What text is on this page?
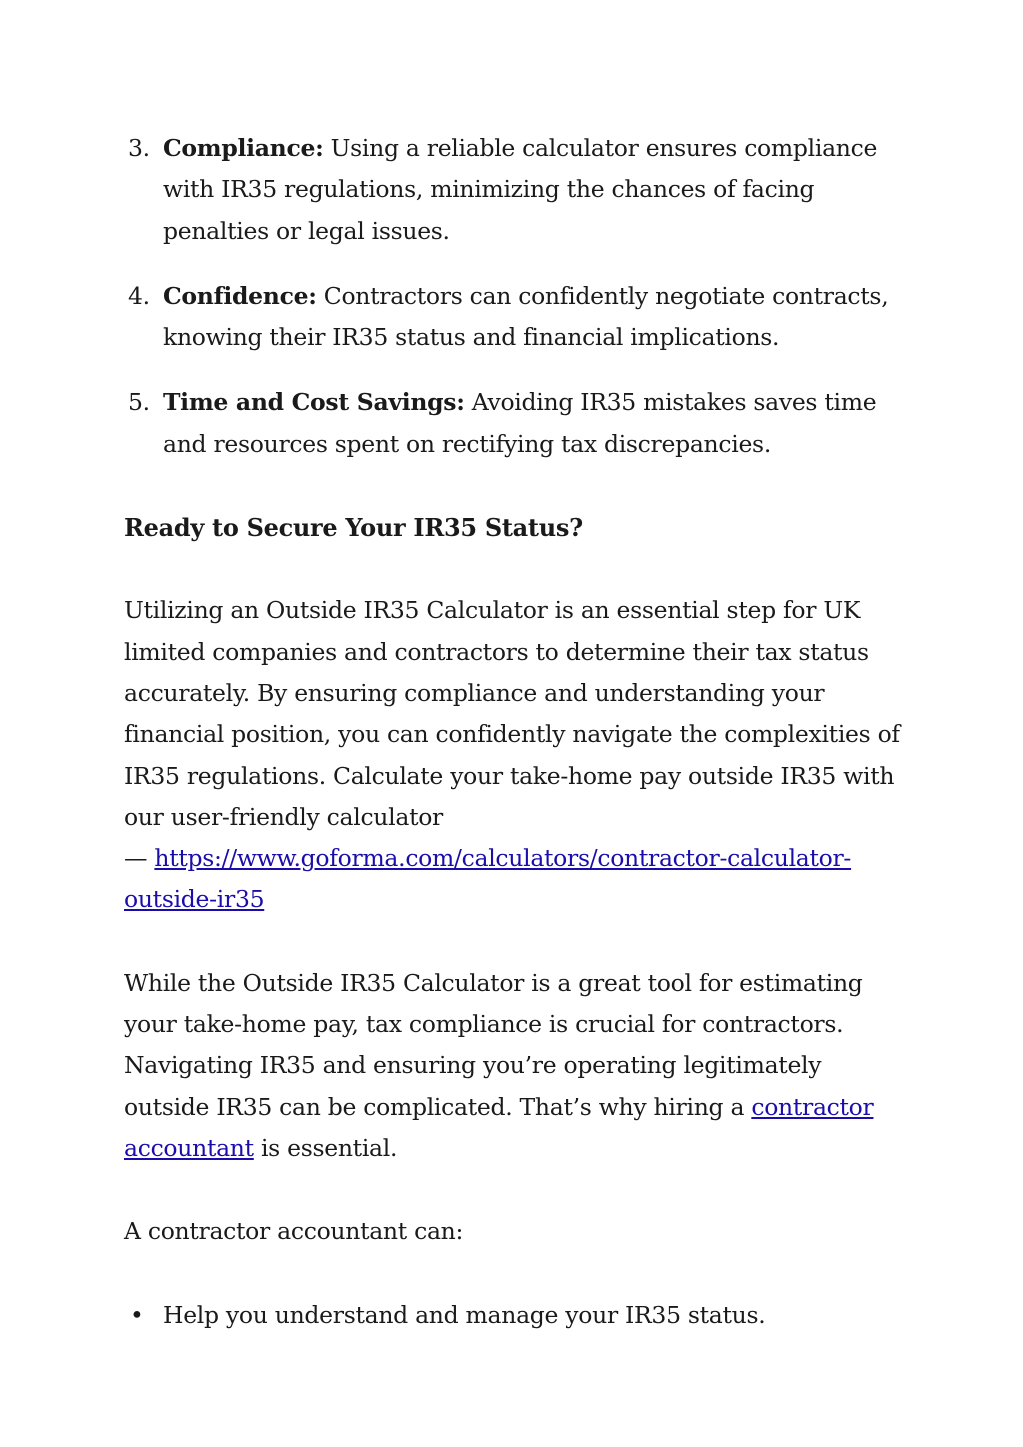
3. Compliance: Using a reliable calculator ensures compliance with IR35 regulations, minimizing the chances of facing penalties or legal issues.
4. Confidence: Contractors can confidently negotiate contracts, knowing their IR35 status and financial implications.
5. Time and Cost Savings: Avoiding IR35 mistakes saves time and resources spent on rectifying tax discrepancies.
Ready to Secure Your IR35 Status?

Utilizing an Outside IR35 Calculator is an essential step for UK limited companies and contractors to determine their tax status accurately. By ensuring compliance and understanding your financial position, you can confidently navigate the complexities of IR35 regulations. Calculate your take-home pay outside IR35 with our user-friendly calculator
— https://www.goforma.com/calculators/contractor-calculator-outside-ir35

While the Outside IR35 Calculator is a great tool for estimating your take-home pay, tax compliance is crucial for contractors. Navigating IR35 and ensuring you’re operating legitimately outside IR35 can be complicated. That’s why hiring a contractor accountant is essential.

A contractor accountant can:

• Help you understand and manage your IR35 status.
